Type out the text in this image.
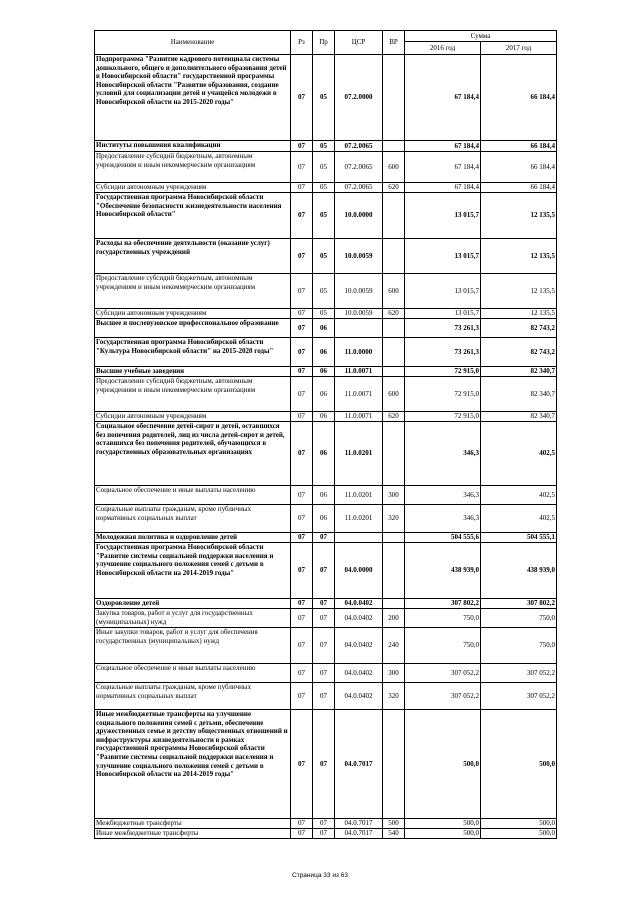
Наименование	Рз	Пр	ЦСР	ВР	Сумма	
					2016 год	2017 год
Подпрограмма "Развитие кадрового потенциала системы дошкольного, общего и дополнительного образования детей в Новосибирской области" государственной программы Новосибирской области "Развитие образования, создание условий для социализации детей и учащейся молодежи в Новосибирской области на 2015-2020 годы"	07	05	07.2.0000		67 184,4	66 184,4
Институты повышения квалификации	07	05	07.2.0065		67 184,4	66 184,4
Предоставление субсидий бюджетным, автономным учреждениям и иным некоммерческим организациям	07	05	07.2.0065	600	67 184,4	66 184,4
Субсидии автономным учреждениям	07	05	07.2.0065	620	67 184,4	66 184,4
Государственная программа Новосибирской области "Обеспечение безопасности жизнедеятельности населения Новосибирской области"	07	05	10.0.0000		13 015,7	12 135,5
Расходы на обеспечение деятельности (оказание услуг) государственных учреждений	07	05	10.0.0059		13 015,7	12 135,5
Предоставление субсидий бюджетным, автономным учреждениям и иным некоммерческим организациям	07	05	10.0.0059	600	13 015,7	12 135,5
Субсидии автономным учреждениям	07	05	10.0.0059	620	13 015,7	12 135,5
Высшее и послевузовское профессиональное образование	07	06			73 261,3	82 743,2
Государственная программа Новосибирской области "Культура Новосибирской области" на 2015-2020 годы"	07	06	11.0.0000		73 261,3	82 743,2
Высшие учебные заведения	07	06	11.0.0071		72 915,0	82 340,7
Предоставление субсидий бюджетным, автономным учреждениям и иным некоммерческим организациям	07	06	11.0.0071	600	72 915,0	82 340,7
Субсидии автономным учреждениям	07	06	11.0.0071	620	72 915,0	82 340,7
Социальное обеспечение детей-сирот и детей, оставшихся без попечения родителей, лиц из числа детей-сирот и детей, оставшихся без попечения родителей, обучающихся в государственных образовательных организациях	07	06	11.0.0201		346,3	402,5
Социальное обеспечение и иные выплаты населению	07	06	11.0.0201	300	346,3	402,5
Социальные выплаты гражданам, кроме публичных нормативных социальных выплат	07	06	11.0.0201	320	346,3	402,5
Молодежная политика и оздоровление детей	07	07			504 555,6	504 555,1
Государственная программа Новосибирской области "Развитие системы социальной поддержки населения и улучшение социального положения семей с детьми в Новосибирской области на 2014-2019 годы"	07	07	04.0.0000		438 939,0	438 939,0
Оздоровление детей	07	07	04.0.0402		307 802,2	307 802,2
Закупка товаров, работ и услуг для государственных (муниципальных) нужд	07	07	04.0.0402	200	750,0	750,0
Иные закупки товаров, работ и услуг для обеспечения государственных (муниципальных) нужд	07	07	04.0.0402	240	750,0	750,0
Социальное обеспечение и иные выплаты населению	07	07	04.0.0402	300	307 052,2	307 052,2
Социальные выплаты гражданам, кроме публичных нормативных социальных выплат	07	07	04.0.0402	320	307 052,2	307 052,2
Иные межбюджетные трансферты на улучшение социального положения семей с детьми, обеспечение дружественных семье и детству общественных отношений и инфраструктуры жизнедеятельности в рамках государственной программы Новосибирской области "Развитие системы социальной поддержки населения и улучшение социального положения семей с детьми в Новосибирской области на 2014-2019 годы"	07	07	04.0.7017		500,0	500,0
Межбюджетные трансферты	07	07	04.0.7017	500	500,0	500,0
Иные межбюджетные трансферты	07	07	04.0.7017	540	500,0	500,0
Страница 33 из 63
